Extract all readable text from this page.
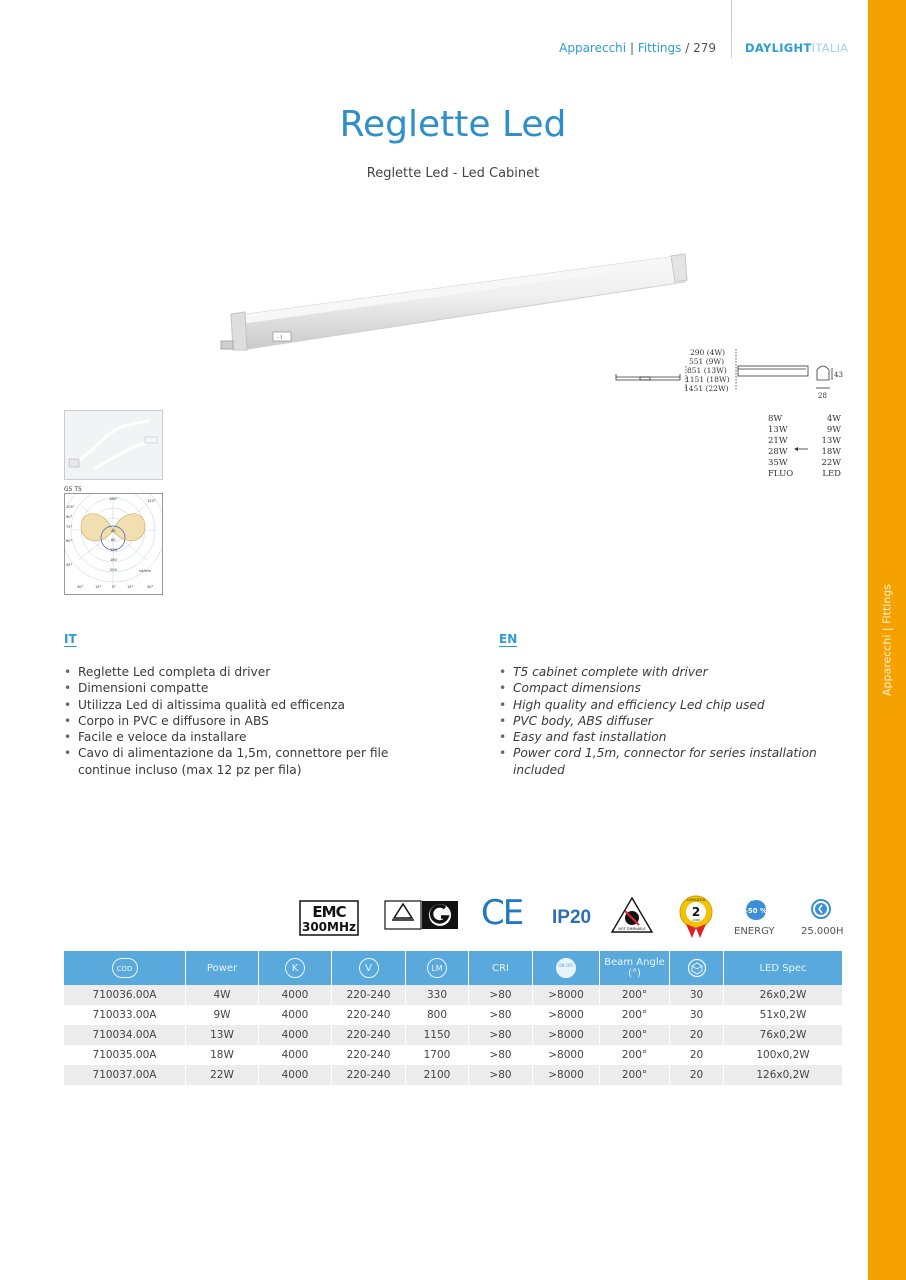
Apparecchi | Fittings / 279	DAYLIGHTITALIA
Apparecchi | Fittings
Reglette Led
Reglette Led - Led Cabinet
- I
290 (4W)
551 (9W)
851 (13W)
1151 (18W)
1451 (22W)
43
28
8W
13W
21W
28W
35W
FLUO
4W
9W
13W
18W
22W
LED
G5 T5
180°	120°
105°
90°
75°
60°
45°
40
80
120
160
200	cd/klm
30°	15°	0°	15°	30°
IT
• Reglette Led completa di driver
• Dimensioni compatte
• Utilizza Led di altissima qualità ed efficenza
• Corpo in PVC e diffusore in ABS
• Facile e veloce da installare
• Cavo di alimentazione da 1,5m, connettore per file continue incluso (max 12 pz per fila)
EN
• T5 cabinet complete with driver
• Compact dimensions
• High quality and efficiency Led chip used
• PVC body, ABS diffuser
• Easy and fast installation
• Power cord 1,5m, connector for series installation included
EMC
300MHz	CE IP20
NOT DIMMABLE
GARANZIA
2
ANNI
-50 %
ENERGY	25.000H
COD	Power	K	V	LM	CRI	ON OFF	Beam Angle (°)		LED Spec
710036.00A	4W	4000	220-240	330	>80	>8000	200°	30	26x0,2W
710033.00A	9W	4000	220-240	800	>80	>8000	200°	30	51x0,2W
710034.00A	13W	4000	220-240	1150	>80	>8000	200°	20	76x0,2W
710035.00A	18W	4000	220-240	1700	>80	>8000	200°	20	100x0,2W
710037.00A	22W	4000	220-240	2100	>80	>8000	200°	20	126x0,2W
